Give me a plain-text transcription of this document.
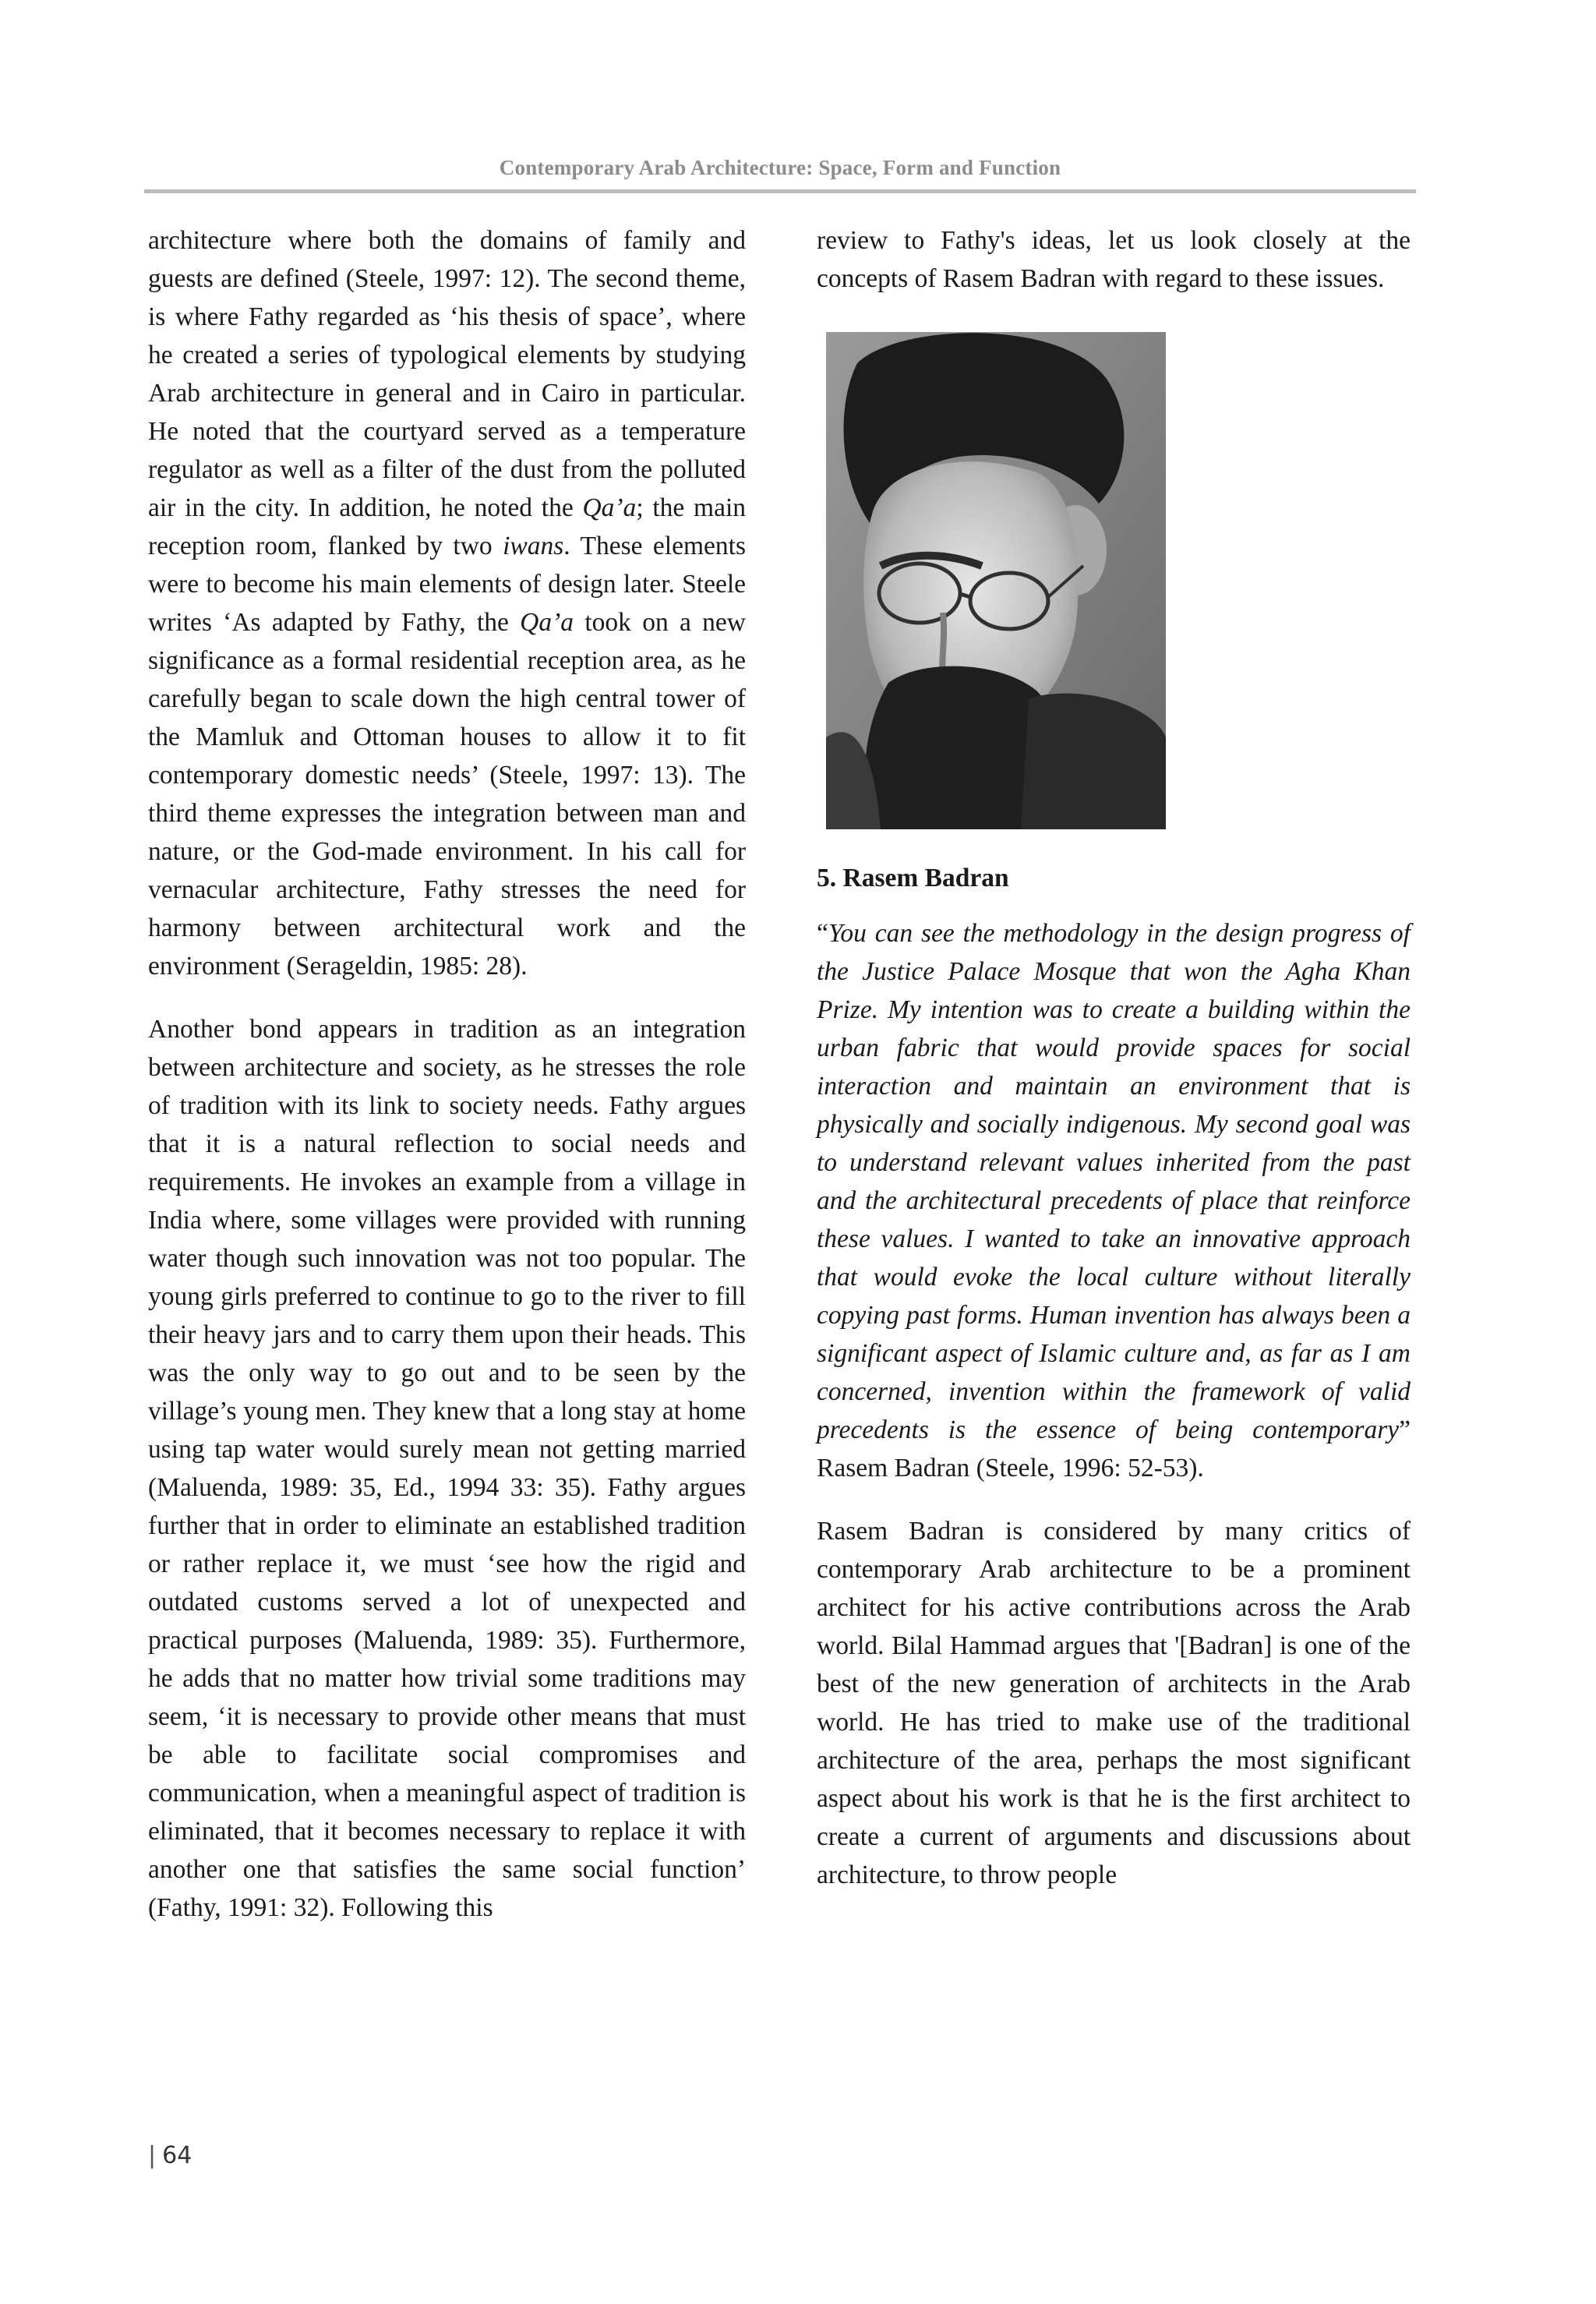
Contemporary Arab Architecture: Space, Form and Function

architecture where both the domains of family and guests are defined (Steele, 1997: 12). The second theme, is where Fathy regarded as ‘his thesis of space’, where he created a series of typological elements by studying Arab architecture in general and in Cairo in particular. He noted that the courtyard served as a temperature regulator as well as a filter of the dust from the polluted air in the city. In addition, he noted the Qa’a; the main reception room, flanked by two iwans. These elements were to become his main elements of design later. Steele writes ‘As adapted by Fathy, the Qa’a took on a new significance as a formal residential reception area, as he carefully began to scale down the high central tower of the Mamluk and Ottoman houses to allow it to fit contemporary domestic needs’ (Steele, 1997: 13). The third theme expresses the integration between man and nature, or the God-made environment. In his call for vernacular architecture, Fathy stresses the need for harmony between architectural work and the environment (Serageldin, 1985: 28).

Another bond appears in tradition as an integration between architecture and society, as he stresses the role of tradition with its link to society needs. Fathy argues that it is a natural reflection to social needs and requirements. He invokes an example from a village in India where, some villages were provided with running water though such innovation was not too popular. The young girls preferred to continue to go to the river to fill their heavy jars and to carry them upon their heads. This was the only way to go out and to be seen by the village’s young men. They knew that a long stay at home using tap water would surely mean not getting married (Maluenda, 1989: 35, Ed., 1994 33: 35). Fathy argues further that in order to eliminate an established tradition or rather replace it, we must ‘see how the rigid and outdated customs served a lot of unexpected and practical purposes (Maluenda, 1989: 35). Furthermore, he adds that no matter how trivial some traditions may seem, ‘it is necessary to provide other means that must be able to facilitate social compromises and communication, when a meaningful aspect of tradition is eliminated, that it becomes necessary to replace it with another one that satisfies the same social function’ (Fathy, 1991: 32). Following this

review to Fathy's ideas, let us look closely at the concepts of Rasem Badran with regard to these issues.

5. Rasem Badran

“You can see the methodology in the design progress of the Justice Palace Mosque that won the Agha Khan Prize. My intention was to create a building within the urban fabric that would provide spaces for social interaction and maintain an environment that is physically and socially indigenous. My second goal was to understand relevant values inherited from the past and the architectural precedents of place that reinforce these values. I wanted to take an innovative approach that would evoke the local culture without literally copying past forms. Human invention has always been a significant aspect of Islamic culture and, as far as I am concerned, invention within the framework of valid precedents is the essence of being contemporary” Rasem Badran (Steele, 1996: 52-53).

Rasem Badran is considered by many critics of contemporary Arab architecture to be a prominent architect for his active contributions across the Arab world. Bilal Hammad argues that '[Badran] is one of the best of the new generation of architects in the Arab world. He has tried to make use of the traditional architecture of the area, perhaps the most significant aspect about his work is that he is the first architect to create a current of arguments and discussions about architecture, to throw people

| 64
